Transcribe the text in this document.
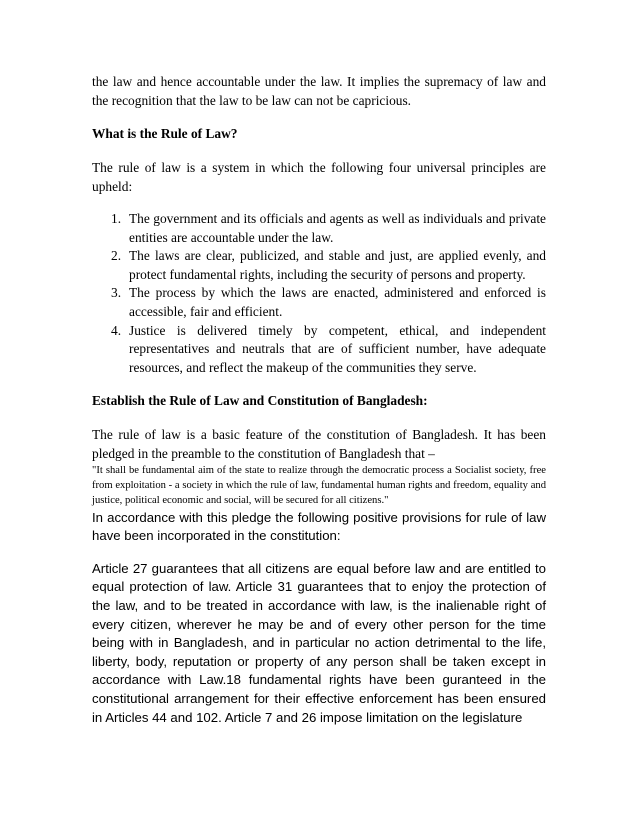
the law and hence accountable under the law. It implies the supremacy of law and the recognition that the law to be law can not be capricious.

What is the Rule of Law?

The rule of law is a system in which the following four universal principles are upheld:

1. The government and its officials and agents as well as individuals and private entities are accountable under the law.
2. The laws are clear, publicized, and stable and just, are applied evenly, and protect fundamental rights, including the security of persons and property.
3. The process by which the laws are enacted, administered and enforced is accessible, fair and efficient.
4. Justice is delivered timely by competent, ethical, and independent representatives and neutrals that are of sufficient number, have adequate resources, and reflect the makeup of the communities they serve.
Establish the Rule of Law and Constitution of Bangladesh:

The rule of law is a basic feature of the constitution of Bangladesh. It has been pledged in the preamble to the constitution of Bangladesh that –

"It shall be fundamental aim of the state to realize through the democratic process a Socialist society, free from exploitation - a society in which the rule of law, fundamental human rights and freedom, equality and justice, political economic and social, will be secured for all citizens."

In accordance with this pledge the following positive provisions for rule of law have been incorporated in the constitution:

Article 27 guarantees that all citizens are equal before law and are entitled to equal protection of law. Article 31 guarantees that to enjoy the protection of the law, and to be treated in accordance with law, is the inalienable right of every citizen, wherever he may be and of every other person for the time being with in Bangladesh, and in particular no action detrimental to the life, liberty, body, reputation or property of any person shall be taken except in accordance with Law.18 fundamental rights have been guranteed in the constitutional arrangement for their effective enforcement has been ensured in Articles 44 and 102. Article 7 and 26 impose limitation on the legislature
